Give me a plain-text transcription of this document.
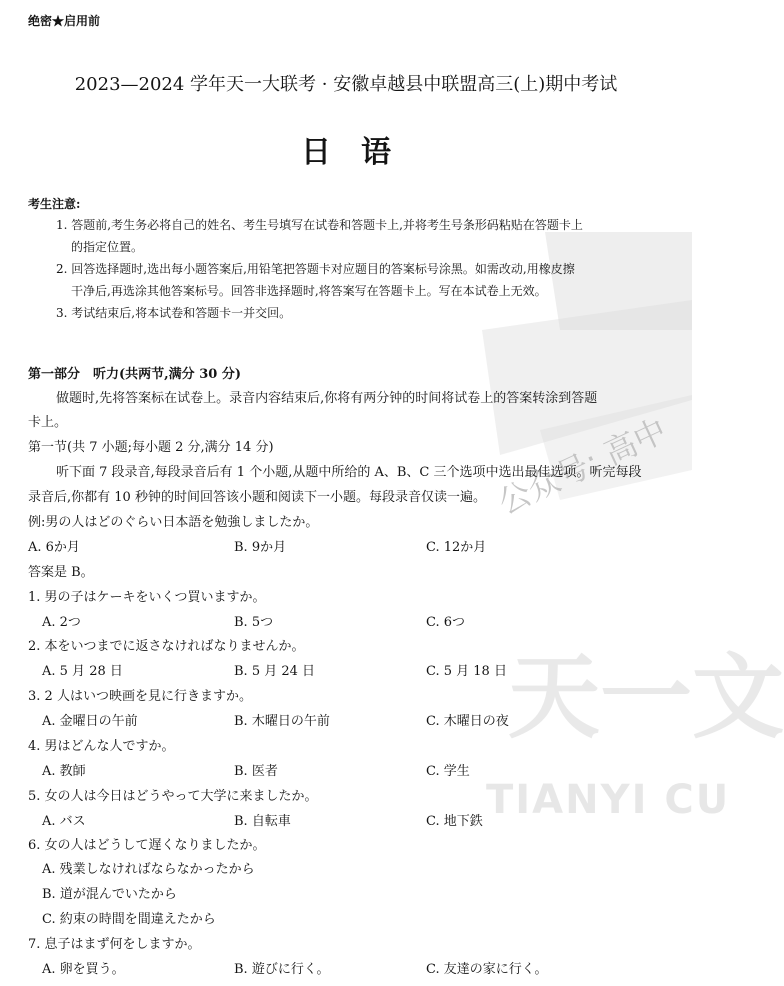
天一文
TIANYI CU
公众号: 高中
绝密★启用前
2023—2024 学年天一大联考 · 安徽卓越县中联盟高三(上)期中考试
日　语
考生注意:
1. 答题前,考生务必将自己的姓名、考生号填写在试卷和答题卡上,并将考生号条形码粘贴在答题卡上
的指定位置。
2. 回答选择题时,选出每小题答案后,用铅笔把答题卡对应题目的答案标号涂黑。如需改动,用橡皮擦
干净后,再选涂其他答案标号。回答非选择题时,将答案写在答题卡上。写在本试卷上无效。
3. 考试结束后,将本试卷和答题卡一并交回。
第一部分　听力(共两节,满分 30 分)
做题时,先将答案标在试卷上。录音内容结束后,你将有两分钟的时间将试卷上的答案转涂到答题
卡上。
第一节(共 7 小题;每小题 2 分,满分 14 分)
听下面 7 段录音,每段录音后有 1 个小题,从题中所给的 A、B、C 三个选项中选出最佳选项。听完每段
录音后,你都有 10 秒钟的时间回答该小题和阅读下一小题。每段录音仅读一遍。
例:男の人はどのぐらい日本語を勉強しましたか。
A. 6か月	B. 9か月	C. 12か月
答案是 B。
1. 男の子はケーキをいくつ買いますか。
A. 2つ	B. 5つ	C. 6つ
2. 本をいつまでに返さなければなりませんか。
A. 5 月 28 日	B. 5 月 24 日	C. 5 月 18 日
3. 2 人はいつ映画を見に行きますか。
A. 金曜日の午前	B. 木曜日の午前	C. 木曜日の夜
4. 男はどんな人ですか。
A. 教師	B. 医者	C. 学生
5. 女の人は今日はどうやって大学に来ましたか。
A. バス	B. 自転車	C. 地下鉄
6. 女の人はどうして遅くなりましたか。
A. 残業しなければならなかったから
B. 道が混んでいたから
C. 約束の時間を間違えたから
7. 息子はまず何をしますか。
A. 卵を買う。	B. 遊びに行く。	C. 友達の家に行く。
